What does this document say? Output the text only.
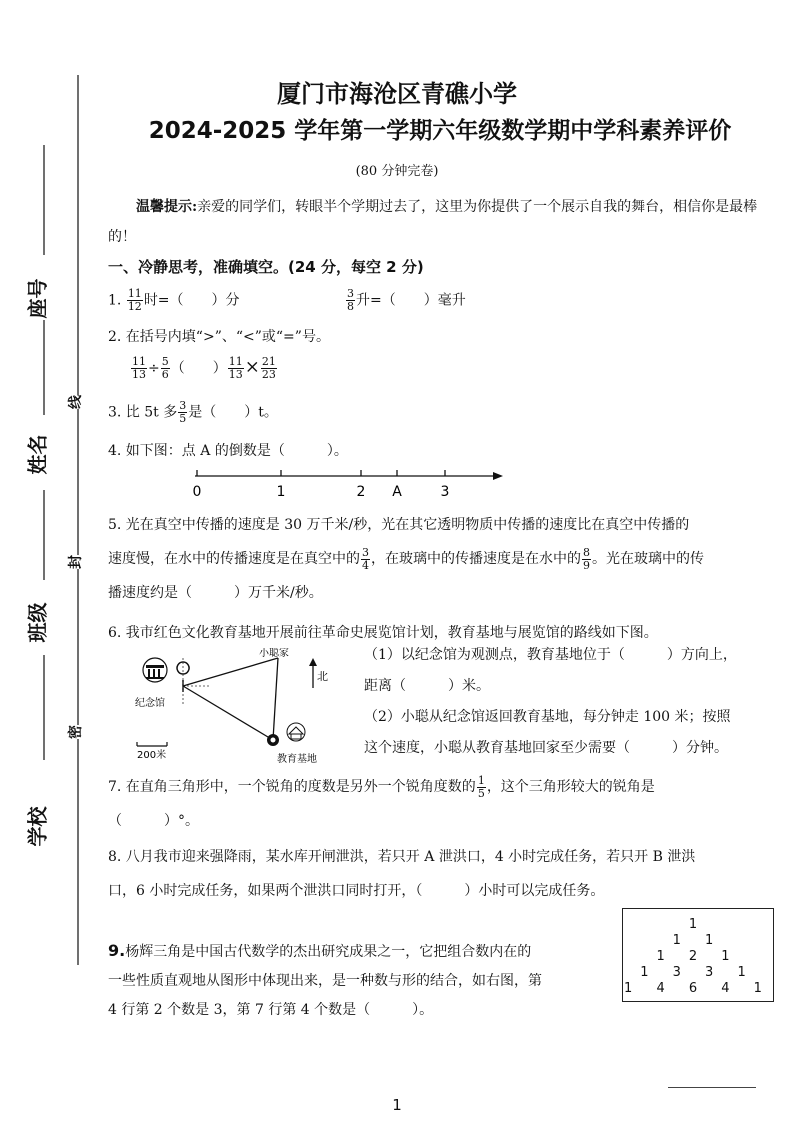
座号
姓名
班级
学校
线
封
密
厦门市海沧区青礁小学
2024-2025 学年第一学期六年级数学期中学科素养评价
(80 分钟完卷)
温馨提示:亲爱的同学们，转眼半个学期过去了，这里为你提供了一个展示自我的舞台，相信你是最棒的！
一、冷静思考，准确填空。(24 分，每空 2 分)
1. $\frac{11}{12}$ 时=（　　）分	$\frac{3}{8}$ 升=（　　）毫升
2. 在括号内填“>”、“<”或“=”号。
$\frac{11}{13} \div \frac{5}{6}$ （　　） $\frac{11}{13} \times \frac{21}{23}$
3. 比 5t 多 $\frac{3}{5}$ 是（　　）t。
4. 如下图：点 A 的倒数是（　　　）。
0	1	2 A	3
5. 光在真空中传播的速度是 30 万千米/秒，光在其它透明物质中传播的速度比在真空中传播的
速度慢，在水中的传播速度是在真空中的 $\frac{3}{4}$ ，在玻璃中的传播速度是在水中的 $\frac{8}{9}$ 。光在玻璃中的传
播速度约是（　　　）万千米/秒。
6. 我市红色文化教育基地开展前往革命史展览馆计划，教育基地与展览馆的路线如下图。
小聪家
北
纪念馆
教育基地
200米
（1）以纪念馆为观测点，教育基地位于（　　　）方向上，
距离（　　　）米。
（2）小聪从纪念馆返回教育基地，每分钟走 100 米；按照
这个速度，小聪从教育基地回家至少需要（　　　）分钟。
7. 在直角三角形中，一个锐角的度数是另外一个锐角度数的 $\frac{1}{5}$ ，这个三角形较大的锐角是
（　　　）°。
8. 八月我市迎来强降雨，某水库开闸泄洪，若只开 A 泄洪口，4 小时完成任务，若只开 B 泄洪
口，6 小时完成任务，如果两个泄洪口同时打开，（　　　）小时可以完成任务。
9.杨辉三角是中国古代数学的杰出研究成果之一，它把组合数内在的
一些性质直观地从图形中体现出来，是一种数与形的结合，如右图，第
4 行第 2 个数是 3，第 7 行第 4 个数是（　　　）。
1
1 1
1 2 1
1 3 3 1
1 4 6 4 1
1
